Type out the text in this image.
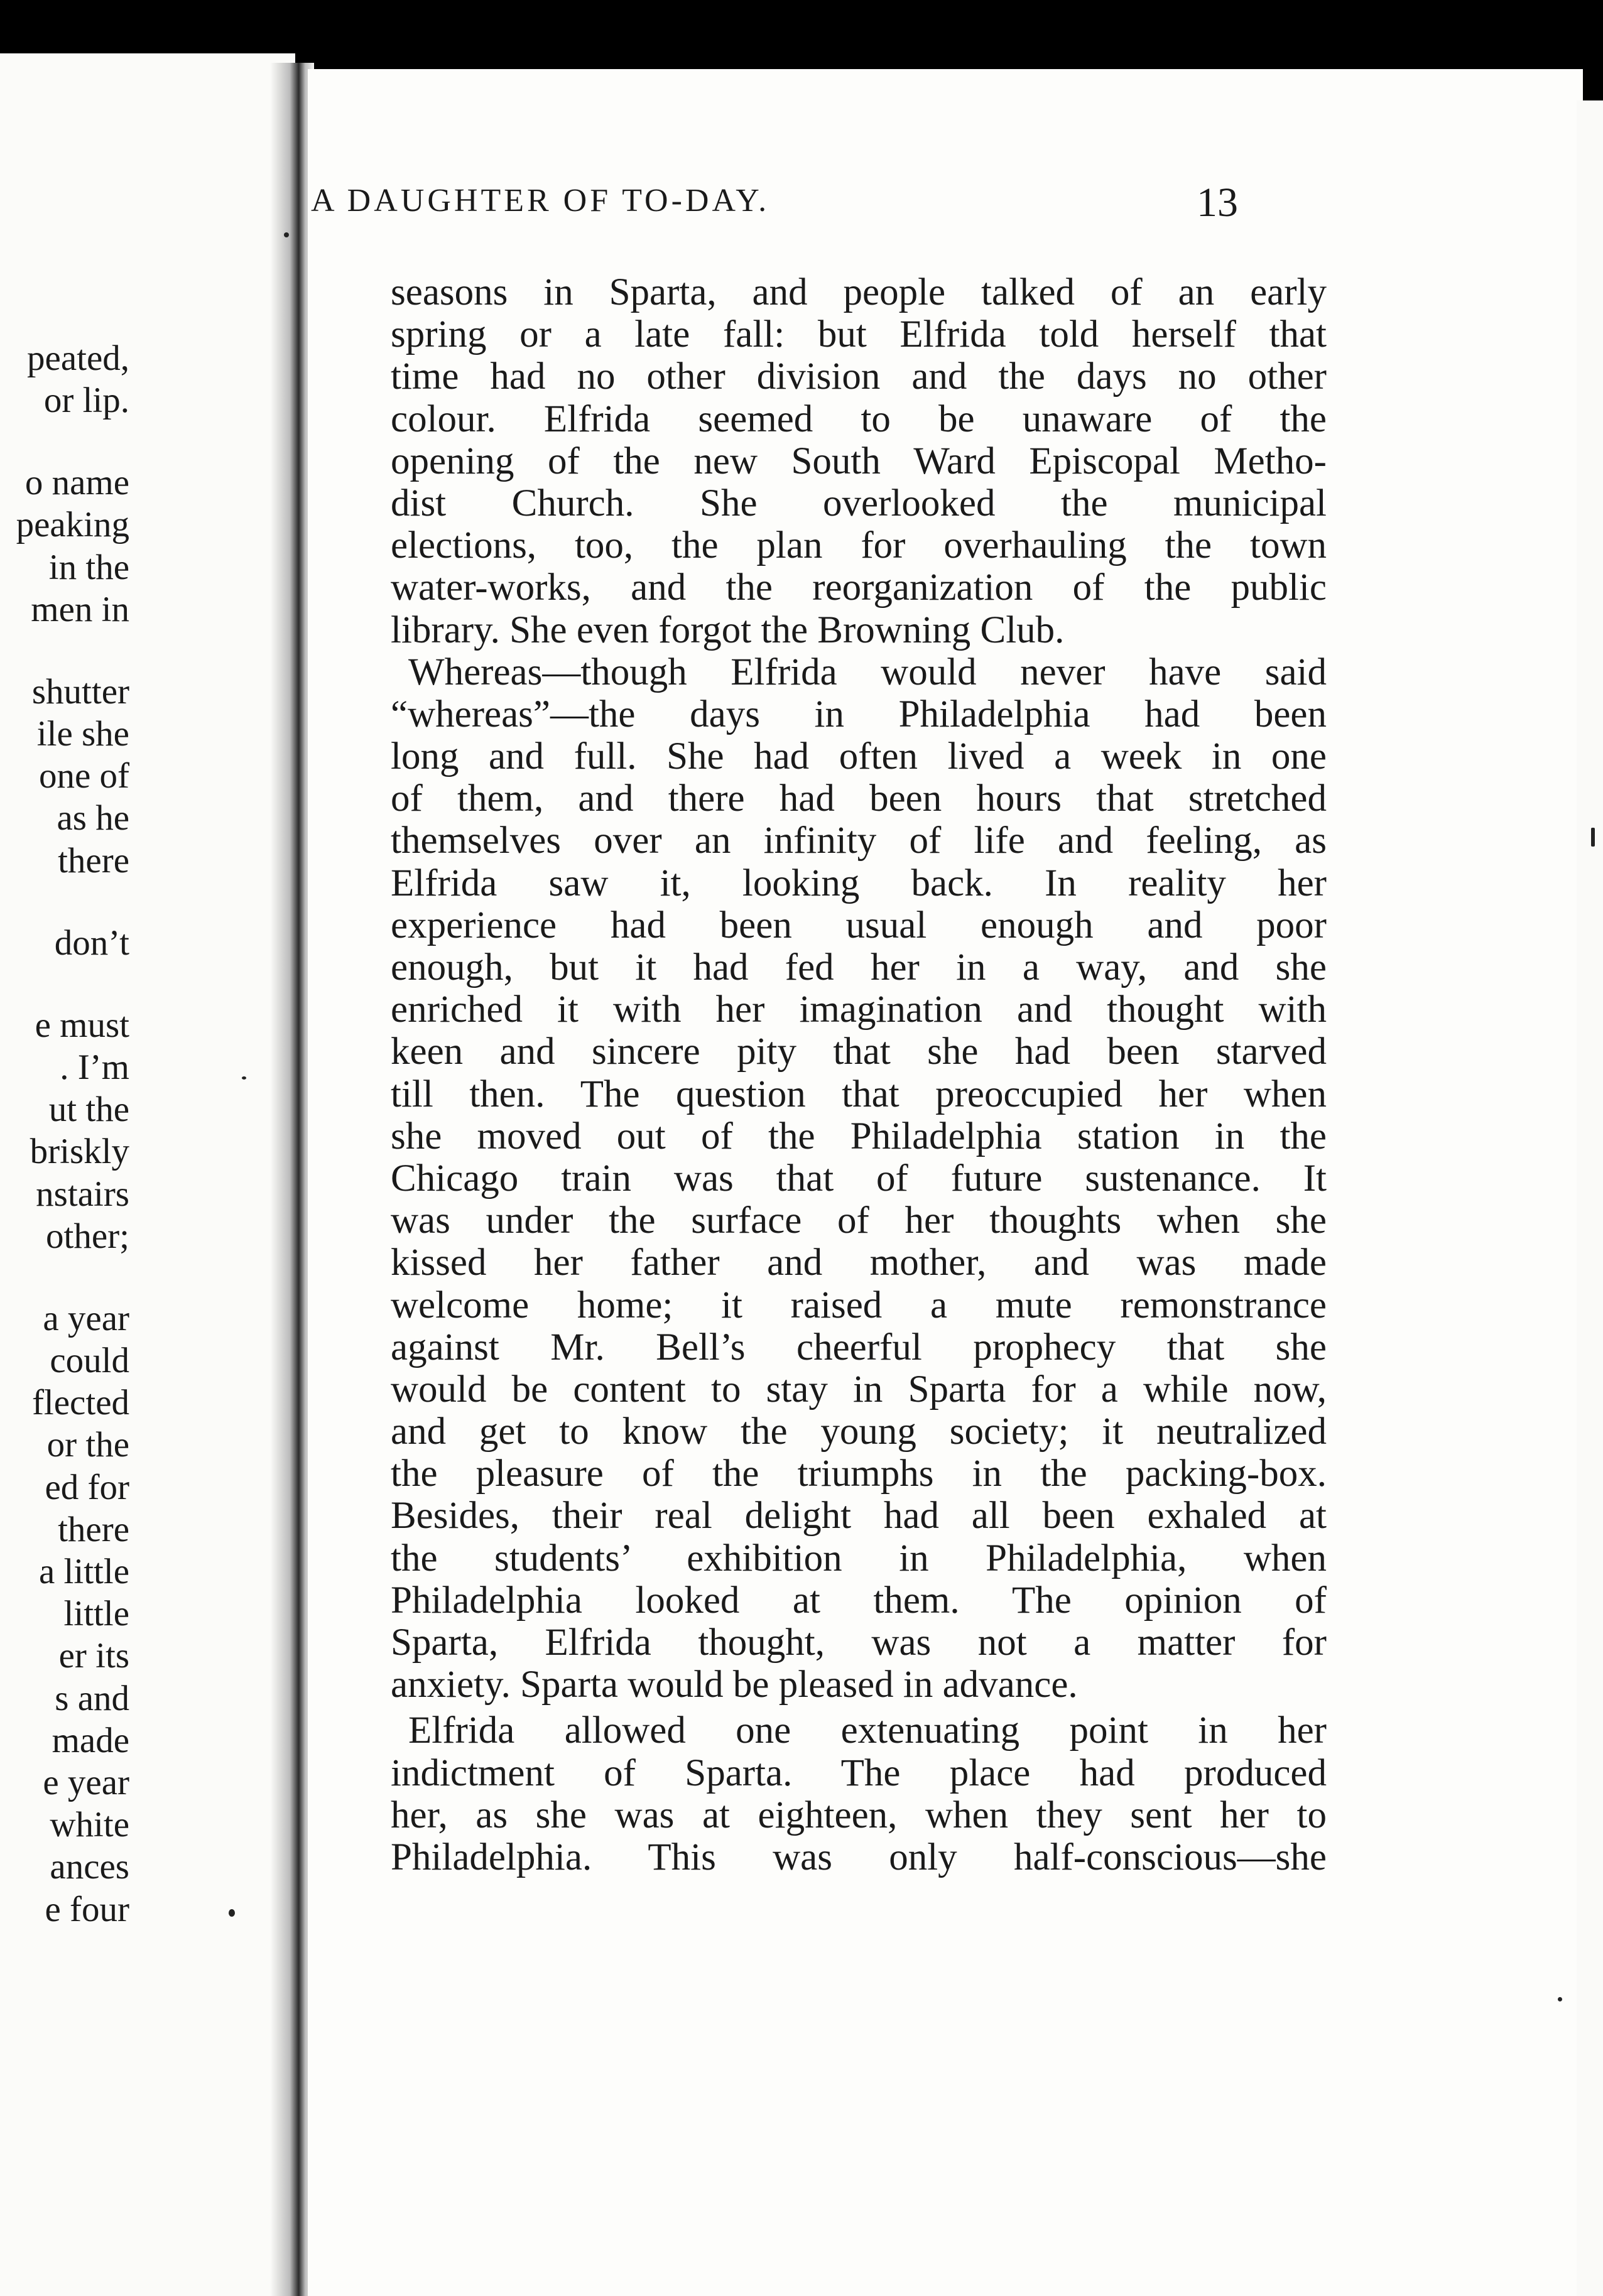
peated,
or lip.
o name
peaking
in the
men in
shutter
ile she
one of
as he
there
don’t
e must
. I’m
ut the
briskly
nstairs
other;
a year
could
flected
or the
ed for
there
a little
little
er its
s and
made
e year
white
ances
e four
A DAUGHTER OF TO-DAY.	13
seasons in Sparta, and people talked of an early
spring or a late fall: but Elfrida told herself that
time had no other division and the days no other
colour. Elfrida seemed to be unaware of the
opening of the new South Ward Episcopal Metho-
dist Church. She overlooked the municipal
elections, too, the plan for overhauling the town
water-works, and the reorganization of the public
library. She even forgot the Browning Club.
Whereas—though Elfrida would never have said
“whereas”—the days in Philadelphia had been
long and full. She had often lived a week in one
of them, and there had been hours that stretched
themselves over an infinity of life and feeling, as
Elfrida saw it, looking back. In reality her
experience had been usual enough and poor
enough, but it had fed her in a way, and she
enriched it with her imagination and thought with
keen and sincere pity that she had been starved
till then. The question that preoccupied her when
she moved out of the Philadelphia station in the
Chicago train was that of future sustenance. It
was under the surface of her thoughts when she
kissed her father and mother, and was made
welcome home; it raised a mute remonstrance
against Mr. Bell’s cheerful prophecy that she
would be content to stay in Sparta for a while now,
and get to know the young society; it neutralized
the pleasure of the triumphs in the packing-box.
Besides, their real delight had all been exhaled at
the students’ exhibition in Philadelphia, when
Philadelphia looked at them. The opinion of
Sparta, Elfrida thought, was not a matter for
anxiety. Sparta would be pleased in advance.
Elfrida allowed one extenuating point in her
indictment of Sparta. The place had produced
her, as she was at eighteen, when they sent her to
Philadelphia. This was only half-conscious—she
